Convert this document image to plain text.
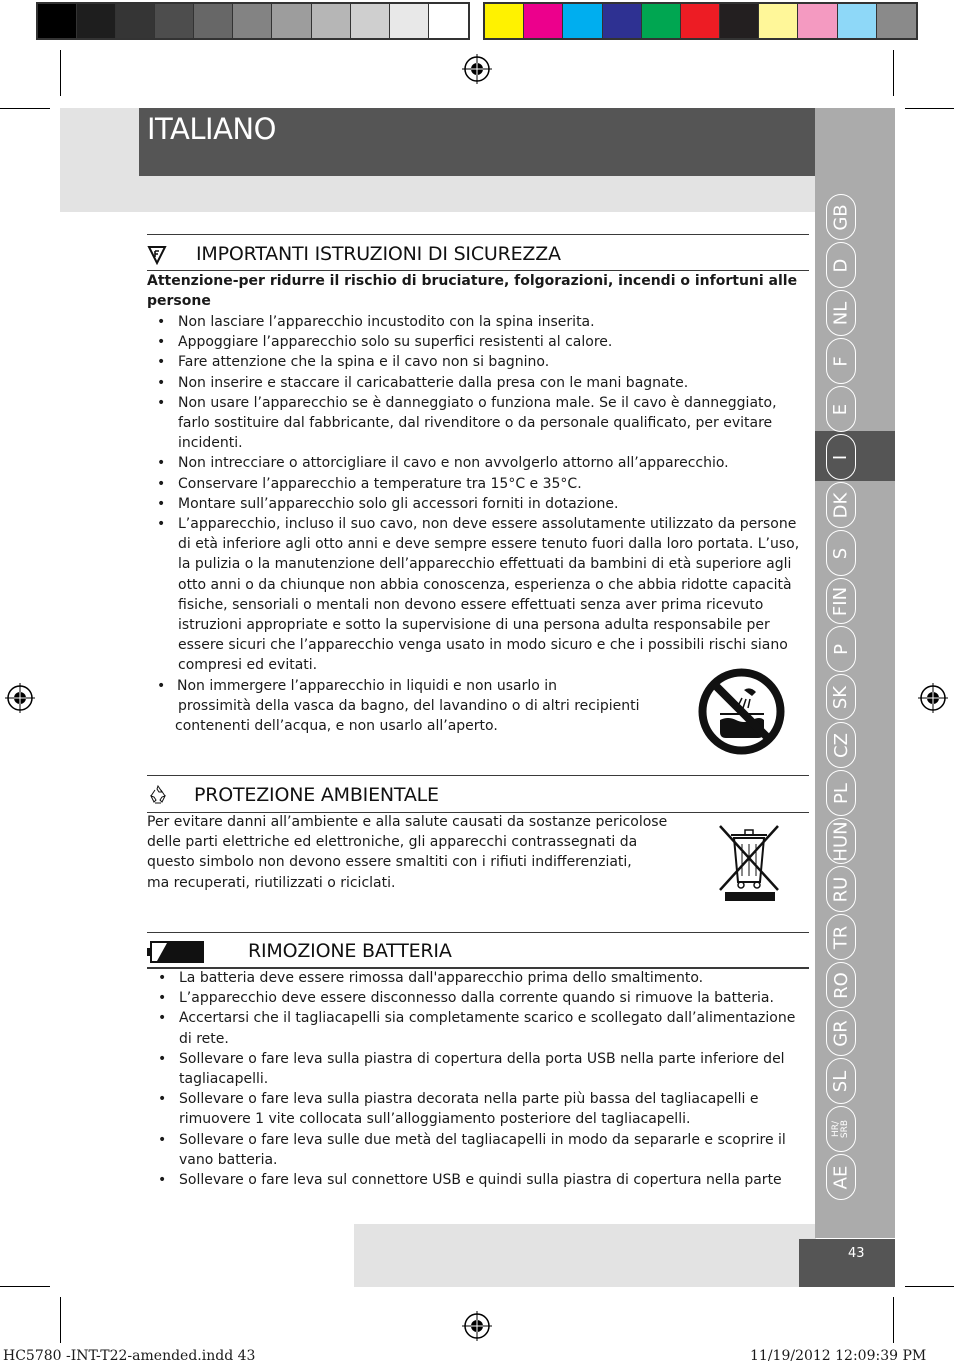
ITALIANO
GB
D
NL
F
E
I
DK
S
FIN
P
SK
CZ
PL
HUN
RU
TR
RO
GR
SL
HR/
SRB
AE
43
IMPORTANTI ISTRUZIONI DI SICUREZZA
Attenzione-per ridurre il rischio di bruciature, folgorazioni, incendi o infortuni alle persone
• Non lasciare l’apparecchio incustodito con la spina inserita.
• Appoggiare l’apparecchio solo su superfici resistenti al calore.
• Fare attenzione che la spina e il cavo non si bagnino.
• Non inserire e staccare il caricabatterie dalla presa con le mani bagnate.
• Non usare l’apparecchio se è danneggiato o funziona male. Se il cavo è danneggiato, farlo sostituire dal fabbricante, dal rivenditore o da personale qualificato, per evitare incidenti.
• Non intrecciare o attorcigliare il cavo e non avvolgerlo attorno all’apparecchio.
• Conservare l’apparecchio a temperature tra 15°C e 35°C.
• Montare sull’apparecchio solo gli accessori forniti in dotazione.
• L’apparecchio, incluso il suo cavo, non deve essere assolutamente utilizzato da persone di età inferiore agli otto anni e deve sempre essere tenuto fuori dalla loro portata. L’uso, la pulizia o la manutenzione dell’apparecchio effettuati da bambini di età superiore agli otto anni o da chiunque non abbia conoscenza, esperienza o che abbia ridotte capacità fisiche, sensoriali o mentali non devono essere effettuati senza aver prima ricevuto istruzioni appropriate e sotto la supervisione di una persona adulta responsabile per essere sicuri che l’apparecchio venga usato in modo sicuro e che i possibili rischi siano compresi ed evitati.
• Non immergere l’apparecchio in liquidi e non usarlo in
prossimità della vasca da bagno, del lavandino o di altri recipienti
contenenti dell’acqua, e non usarlo all’aperto.
PROTEZIONE AMBIENTALE
Per evitare danni all’ambiente e alla salute causati da sostanze pericolose
delle parti elettriche ed elettroniche, gli apparecchi contrassegnati da
questo simbolo non devono essere smaltiti con i rifiuti indifferenziati,
ma recuperati, riutilizzati o riciclati.
RIMOZIONE BATTERIA
• La batteria deve essere rimossa dall'apparecchio prima dello smaltimento.
• L’apparecchio deve essere disconnesso dalla corrente quando si rimuove la batteria.
• Accertarsi che il tagliacapelli sia completamente scarico e scollegato dall’alimentazione di rete.
• Sollevare o fare leva sulla piastra di copertura della porta USB nella parte inferiore del tagliacapelli.
• Sollevare o fare leva sulla piastra decorata nella parte più bassa del tagliacapelli e rimuovere 1 vite collocata sull’alloggiamento posteriore del tagliacapelli.
• Sollevare o fare leva sulle due metà del tagliacapelli in modo da separarle e scoprire il vano batteria.
• Sollevare o fare leva sul connettore USB e quindi sulla piastra di copertura nella parte
HC5780 -INT-T22-amended.indd 43	11/19/2012 12:09:39 PM
